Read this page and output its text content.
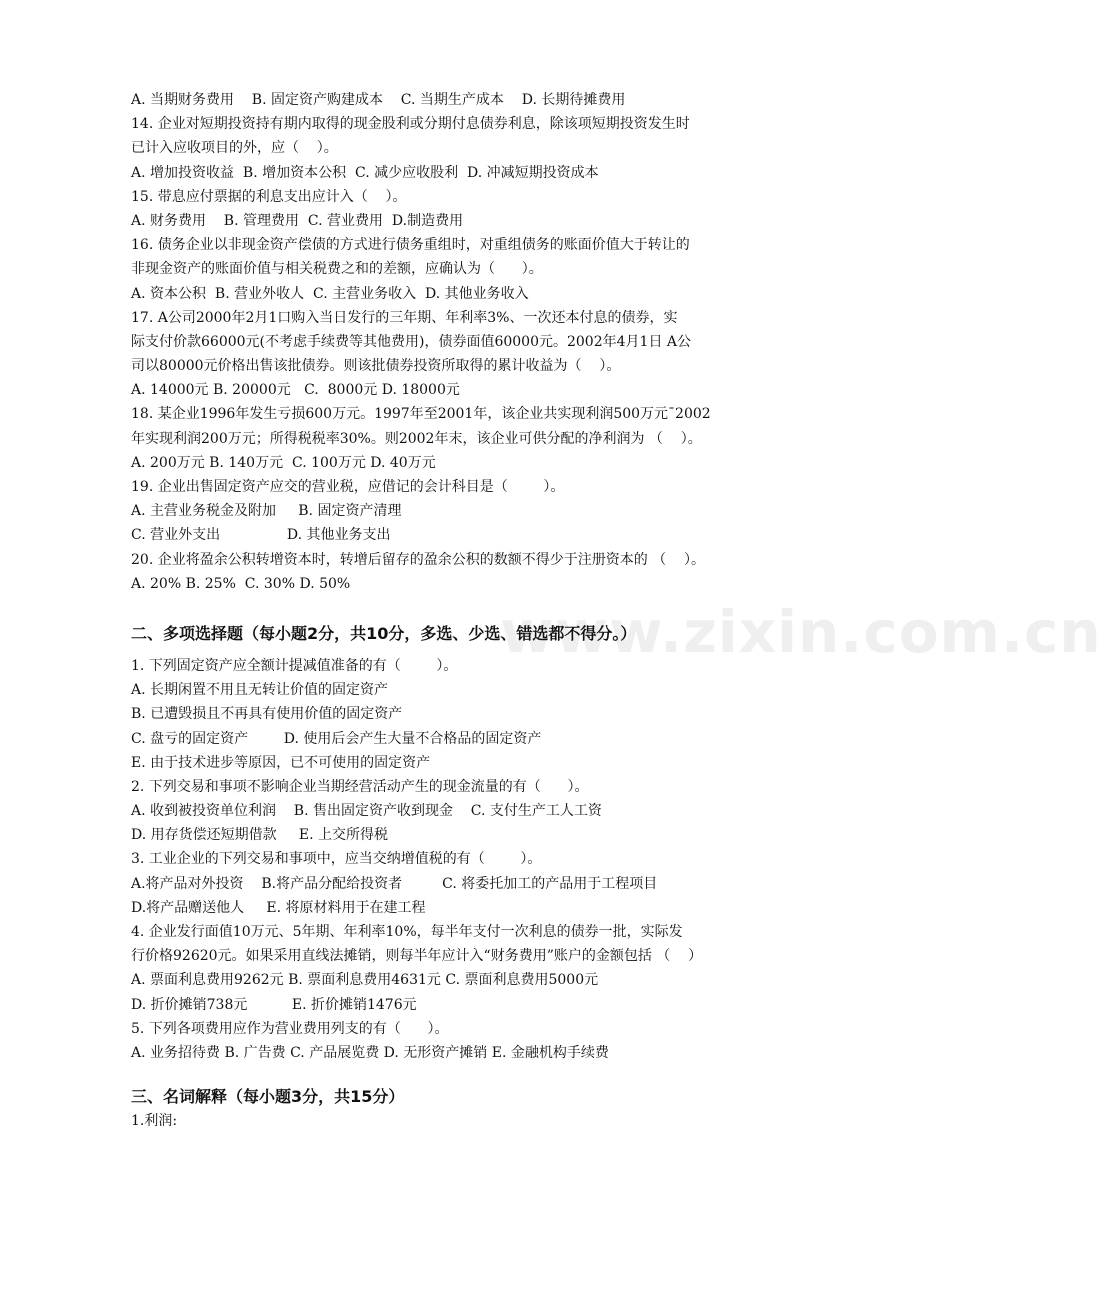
www.zixin.com.cn
A. 当期财务费用    B. 固定资产购建成本    C. 当期生产成本    D. 长期待摊费用
14. 企业对短期投资持有期内取得的现金股利或分期付息债券利息，除该项短期投资发生时
已计入应收项目的外，应（    ）。
A. 增加投资收益  B. 增加资本公积  C. 减少应收股利  D. 冲减短期投资成本
15. 带息应付票据的利息支出应计入（    ）。
A. 财务费用    B. 管理费用  C. 营业费用  D.制造费用
16. 债务企业以非现金资产偿债的方式进行债务重组时，对重组债务的账面价值大于转让的
非现金资产的账面价值与相关税费之和的差额，应确认为（      ）。
A. 资本公积  B. 营业外收人  C. 主营业务收入  D. 其他业务收入
17. A公司2000年2月1口购入当日发行的三年期、年利率3%、一次还本付息的债券，实
际支付价款66000元(不考虑手续费等其他费用)，债券面值60000元。2002年4月1日 A公
司以80000元价格出售该批债券。则该批债券投资所取得的累计收益为（    ）。
A. 14000元 B. 20000元   C.  8000元 D. 18000元
18. 某企业1996年发生亏损600万元。1997年至2001年，该企业共实现利润500万元¯2002
年实现利润200万元；所得税税率30%。则2002年末，该企业可供分配的净利润为 （    ）。
A. 200万元 B. 140万元  C. 100万元 D. 40万元
19. 企业出售固定资产应交的营业税，应借记的会计科目是（        ）。
A. 主营业务税金及附加     B. 固定资产清理
C. 营业外支出               D. 其他业务支出
20. 企业将盈余公积转增资本时，转增后留存的盈余公积的数额不得少于注册资本的 （    ）。
A. 20% B. 25%  C. 30% D. 50%
二、多项选择题（每小题2分，共10分，多选、少选、错选都不得分。）
1. 下列固定资产应全额计提减值准备的有（        ）。
A. 长期闲置不用且无转让价值的固定资产
B. 已遭毁损且不再具有使用价值的固定资产
C. 盘亏的固定资产        D. 使用后会产生大量不合格品的固定资产
E. 由于技术进步等原因，已不可使用的固定资产
2. 下列交易和事项不影响企业当期经营活动产生的现金流量的有（      ）。
A. 收到被投资单位利润    B. 售出固定资产收到现金    C. 支付生产工人工资
D. 用存货偿还短期借款     E. 上交所得税
3. 工业企业的下列交易和事项中，应当交纳增值税的有（        ）。
A.将产品对外投资    B.将产品分配给投资者         C. 将委托加工的产品用于工程项目
D.将产品赠送他人     E. 将原材料用于在建工程
4. 企业发行面值10万元、5年期、年利率10%，每半年支付一次利息的债券一批，实际发
行价格92620元。如果采用直线法摊销，则每半年应计入“财务费用”账户的金额包括 （    ）
A. 票面利息费用9262元 B. 票面利息费用4631元 C. 票面利息费用5000元
D. 折价摊销738元          E. 折价摊销1476元
5. 下列各项费用应作为营业费用列支的有（      ）。
A. 业务招待费 B. 广告费 C. 产品展览费 D. 无形资产摊销 E. 金融机构手续费
三、名词解释（每小题3分，共15分）
1.利润:
